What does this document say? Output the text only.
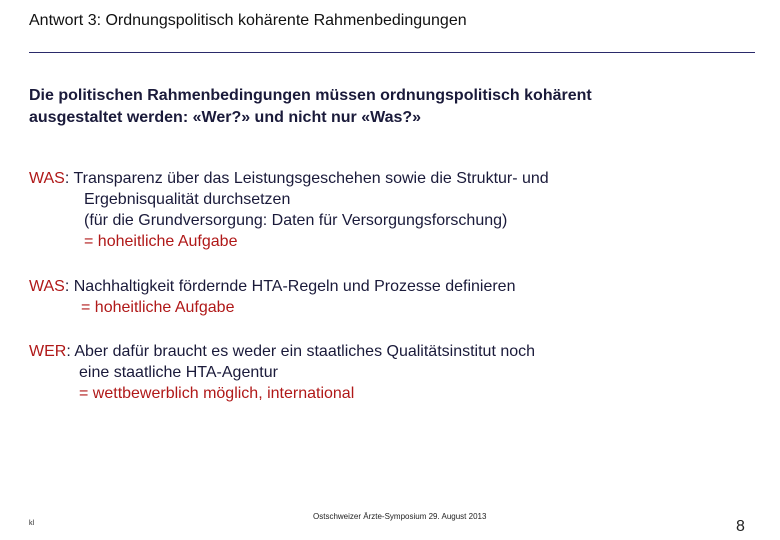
Antwort 3: Ordnungspolitisch kohärente Rahmenbedingungen
Die politischen Rahmenbedingungen müssen ordnungspolitisch kohärent
ausgestaltet werden: «Wer?» und nicht nur «Was?»
WAS: Transparenz über das Leistungsgeschehen sowie die Struktur- und
Ergebnisqualität durchsetzen
(für die Grundversorgung: Daten für Versorgungsforschung)
= hoheitliche Aufgabe
WAS: Nachhaltigkeit fördernde HTA-Regeln und Prozesse definieren
= hoheitliche Aufgabe
WER: Aber dafür braucht es weder ein staatliches Qualitätsinstitut noch
eine staatliche HTA-Agentur
= wettbewerblich möglich, international
kl
Ostschweizer Ärzte-Symposium 29. August 2013
8
